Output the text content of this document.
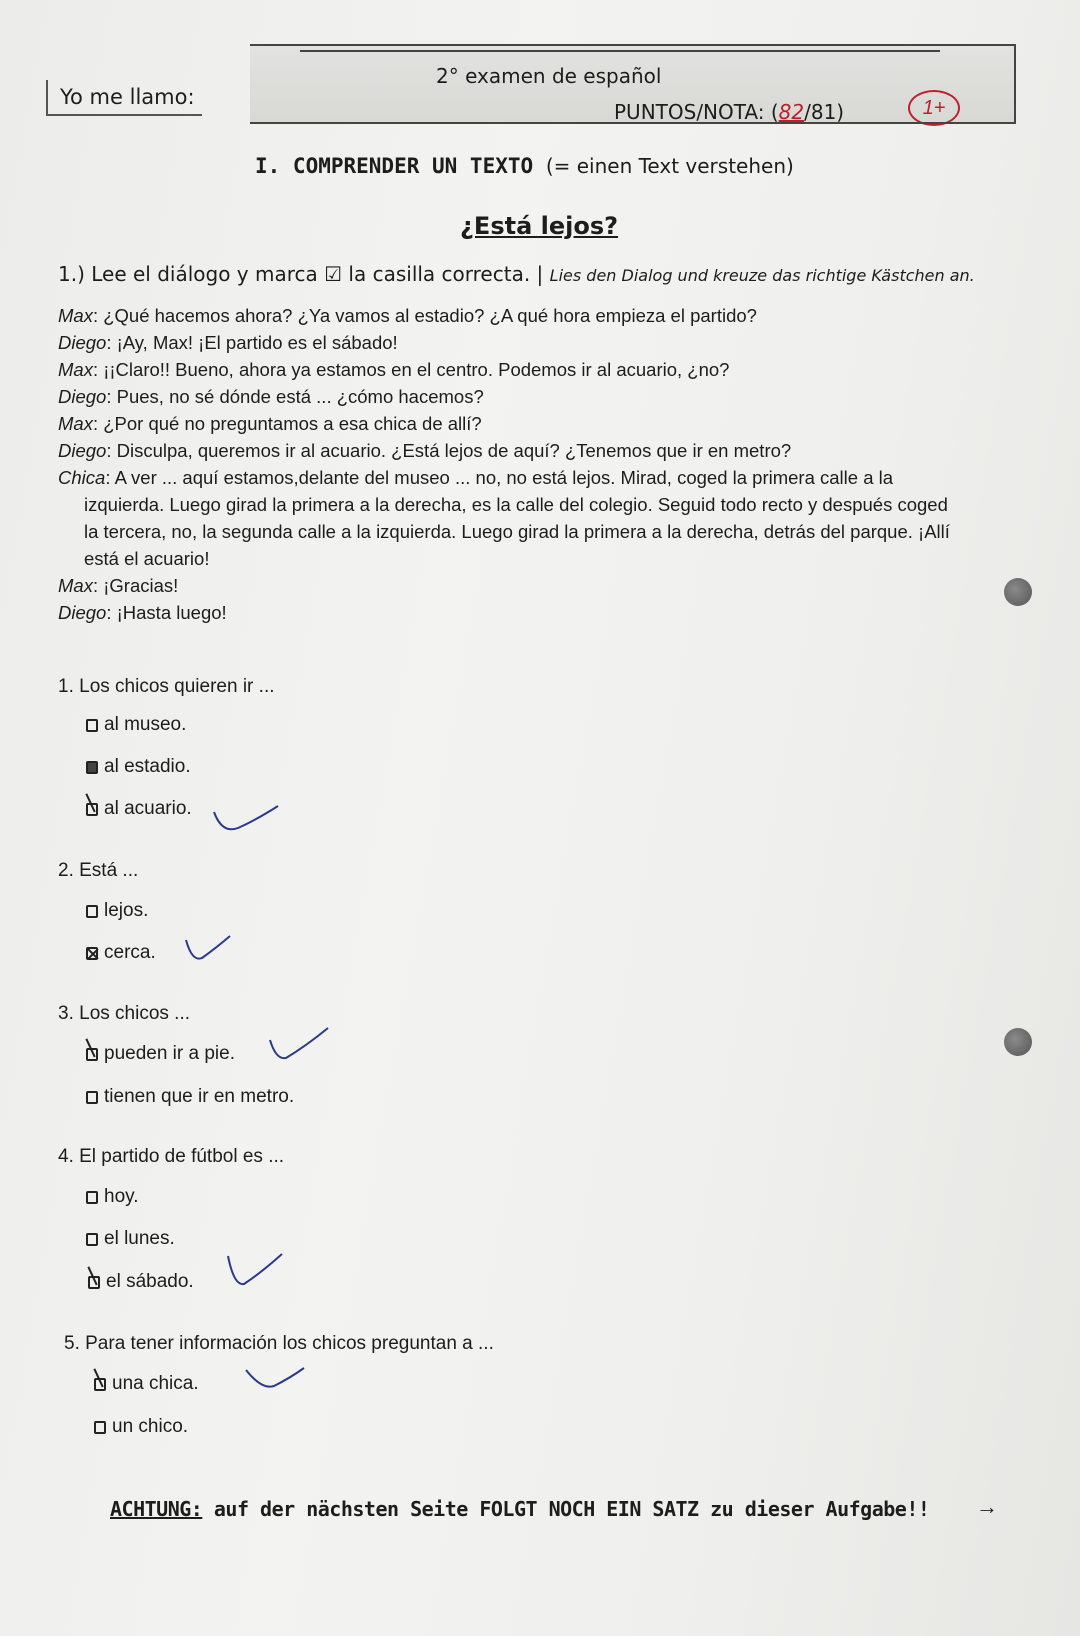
Yo me llamo:
2° examen de español
PUNTOS/NOTA: (82/81)	1+
I. COMPRENDER UN TEXTO (= einen Text verstehen)
¿Está lejos?
1.) Lee el diálogo y marca ☑ la casilla correcta. | Lies den Dialog und kreuze das richtige Kästchen an.

Max: ¿Qué hacemos ahora? ¿Ya vamos al estadio? ¿A qué hora empieza el partido?

Diego: ¡Ay, Max! ¡El partido es el sábado!

Max: ¡¡Claro!! Bueno, ahora ya estamos en el centro. Podemos ir al acuario, ¿no?

Diego: Pues, no sé dónde está ... ¿cómo hacemos?

Max: ¿Por qué no preguntamos a esa chica de allí?

Diego: Disculpa, queremos ir al acuario. ¿Está lejos de aquí? ¿Tenemos que ir en metro?

Chica: A ver ... aquí estamos,delante del museo ... no, no está lejos. Mirad, coged la primera calle a la

izquierda. Luego girad la primera a la derecha, es la calle del colegio. Seguid todo recto y después coged

la tercera, no, la segunda calle a la izquierda. Luego girad la primera a la derecha, detrás del parque. ¡Allí

está el acuario!

Max: ¡Gracias!

Diego: ¡Hasta luego!

1. Los chicos quieren ir ...
al museo.
al estadio.
al acuario.
2. Está ...
lejos.
cerca.
3. Los chicos ...
pueden ir a pie.
tienen que ir en metro.
4. El partido de fútbol es ...
hoy.
el lunes.
el sábado.
5. Para tener información los chicos preguntan a ...
una chica.
un chico.
ACHTUNG: auf der nächsten Seite FOLGT NOCH EIN SATZ zu dieser Aufgabe!! →
